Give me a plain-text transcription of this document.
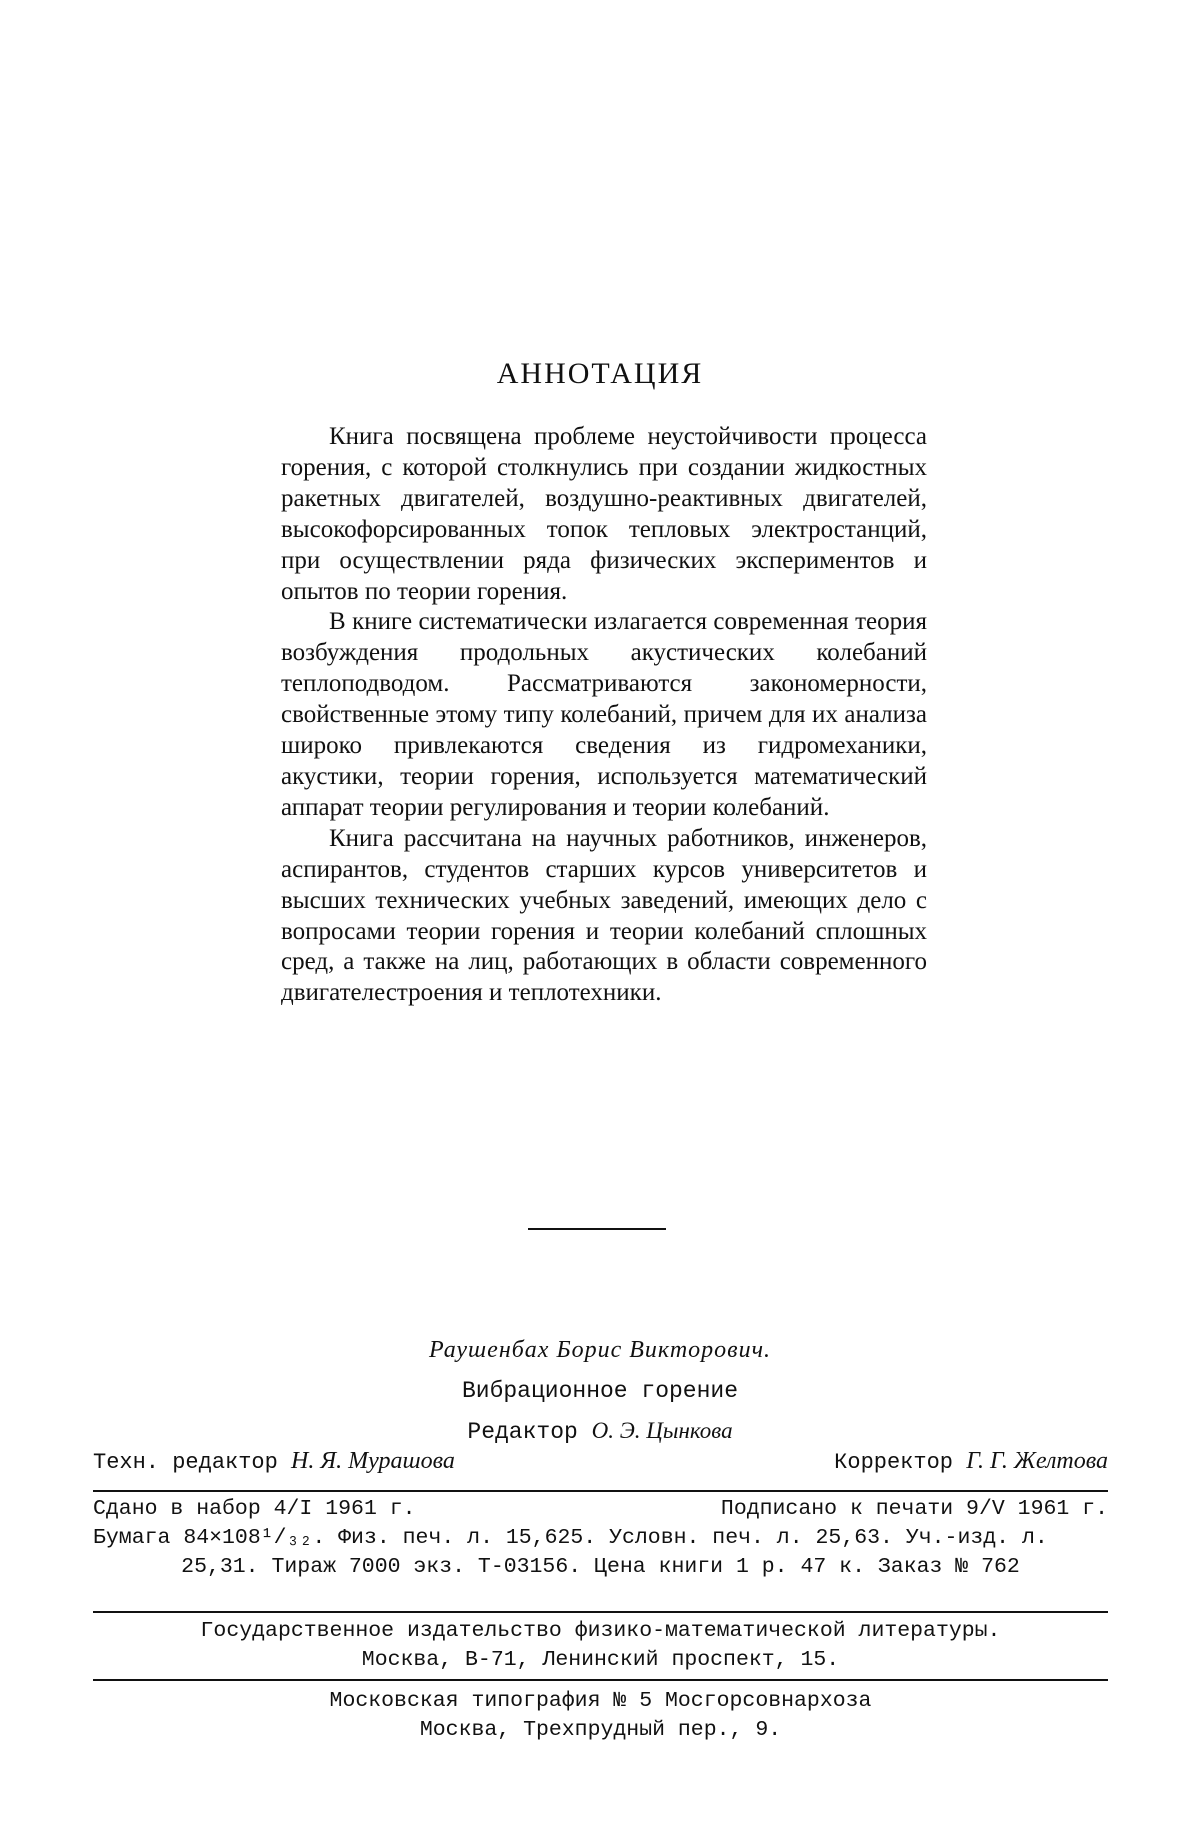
АННОТАЦИЯ

Книга посвящена проблеме неустойчивости процесса горения, с которой столкнулись при создании жидкостных ракетных двигателей, воздушно-реактивных двигателей, высокофорсированных топок тепловых электростанций, при осуществлении ряда физических экспериментов и опытов по теории горения.

В книге систематически излагается современная теория возбуждения продольных акустических колебаний теплоподводом. Рассматриваются закономерности, свойственные этому типу колебаний, причем для их анализа широко привлекаются сведения из гидромеханики, акустики, теории горения, используется математический аппарат теории регулирования и теории колебаний.

Книга рассчитана на научных работников, инженеров, аспирантов, студентов старших курсов университетов и высших технических учебных заведений, имеющих дело с вопросами теории горения и теории колебаний сплошных сред, а также на лиц, работающих в области современного двигателестроения и теплотехники.

Раушенбах Борис Викторович.
Вибрационное горение
Редактор О. Э. Цынкова
Техн. редактор Н. Я. Мурашова	Корректор Г. Г. Желтова
Сдано в набор 4/I 1961 г.	Подписано к печати 9/V 1961 г.
Бумага 84×108¹/₃₂. Физ. печ. л. 15,625. Условн. печ. л. 25,63. Уч.-изд. л.
25,31. Тираж 7000 экз. Т-03156. Цена книги 1 р. 47 к. Заказ № 762
Государственное издательство физико-математической литературы.
Москва, В-71, Ленинский проспект, 15.
Московская типография № 5 Мосгорсовнархоза
Москва, Трехпрудный пер., 9.
